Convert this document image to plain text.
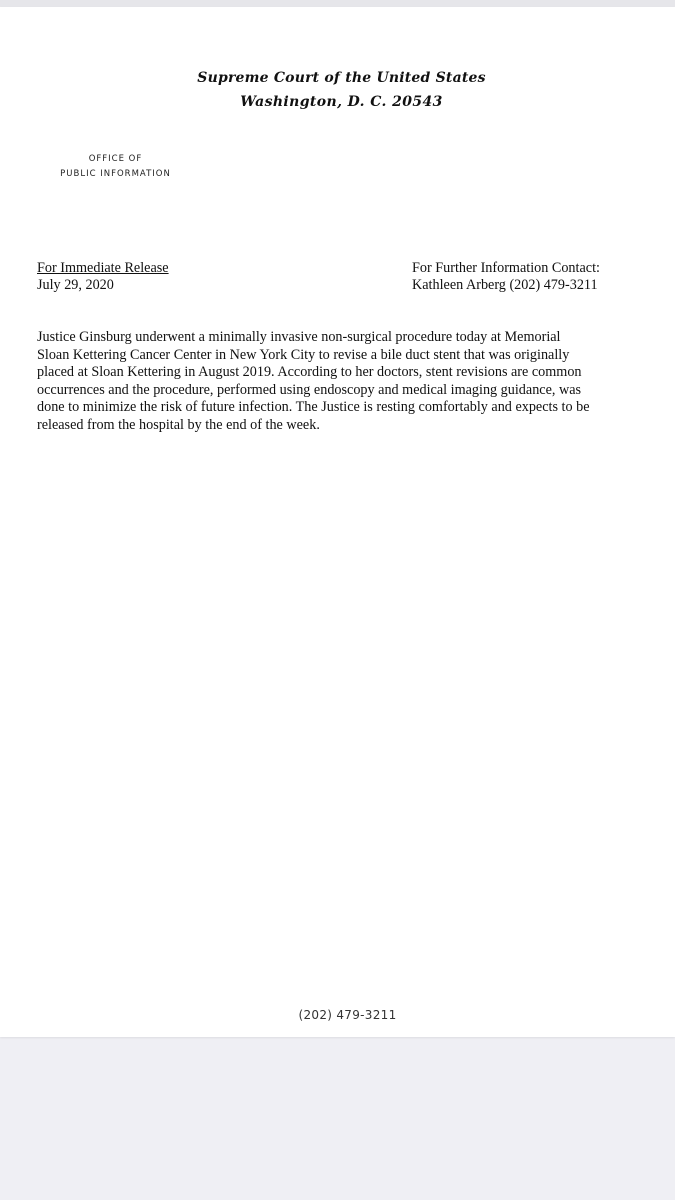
Supreme Court of the United States
Washington, D. C. 20543
OFFICE OF
PUBLIC INFORMATION
For Immediate Release
July 29, 2020
For Further Information Contact:
Kathleen Arberg (202) 479-3211
Justice Ginsburg underwent a minimally invasive non-surgical procedure today at Memorial
Sloan Kettering Cancer Center in New York City to revise a bile duct stent that was originally
placed at Sloan Kettering in August 2019. According to her doctors, stent revisions are common
occurrences and the procedure, performed using endoscopy and medical imaging guidance, was
done to minimize the risk of future infection. The Justice is resting comfortably and expects to be
released from the hospital by the end of the week.
(202) 479-3211
